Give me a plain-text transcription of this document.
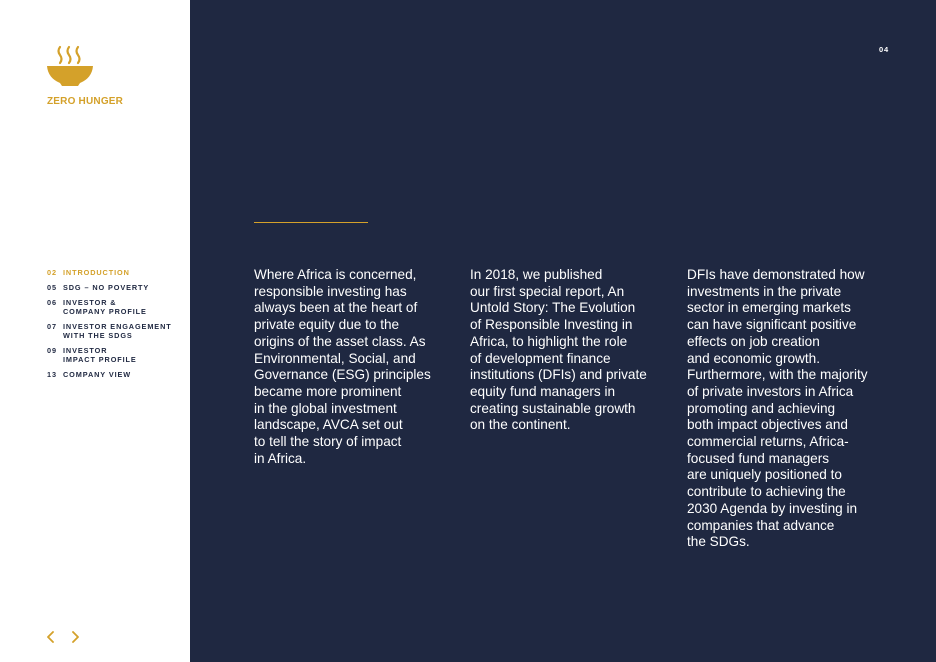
ZERO HUNGER
02 INTRODUCTION
05 SDG – NO POVERTY
06 INVESTOR &
COMPANY PROFILE
07 INVESTOR ENGAGEMENT
WITH THE SDGS
09 INVESTOR
IMPACT PROFILE
13 COMPANY VIEW
04
Where Africa is concerned,
responsible investing has
always been at the heart of
private equity due to the
origins of the asset class. As
Environmental, Social, and
Governance (ESG) principles
became more prominent
in the global investment
landscape, AVCA set out
to tell the story of impact
in Africa.
In 2018, we published
our first special report, An
Untold Story: The Evolution
of Responsible Investing in
Africa, to highlight the role
of development finance
institutions (DFIs) and private
equity fund managers in
creating sustainable growth
on the continent.
DFIs have demonstrated how
investments in the private
sector in emerging markets
can have significant positive
effects on job creation
and economic growth.
Furthermore, with the majority
of private investors in Africa
promoting and achieving
both impact objectives and
commercial returns, Africa-
focused fund managers
are uniquely positioned to
contribute to achieving the
2030 Agenda by investing in
companies that advance
the SDGs.
